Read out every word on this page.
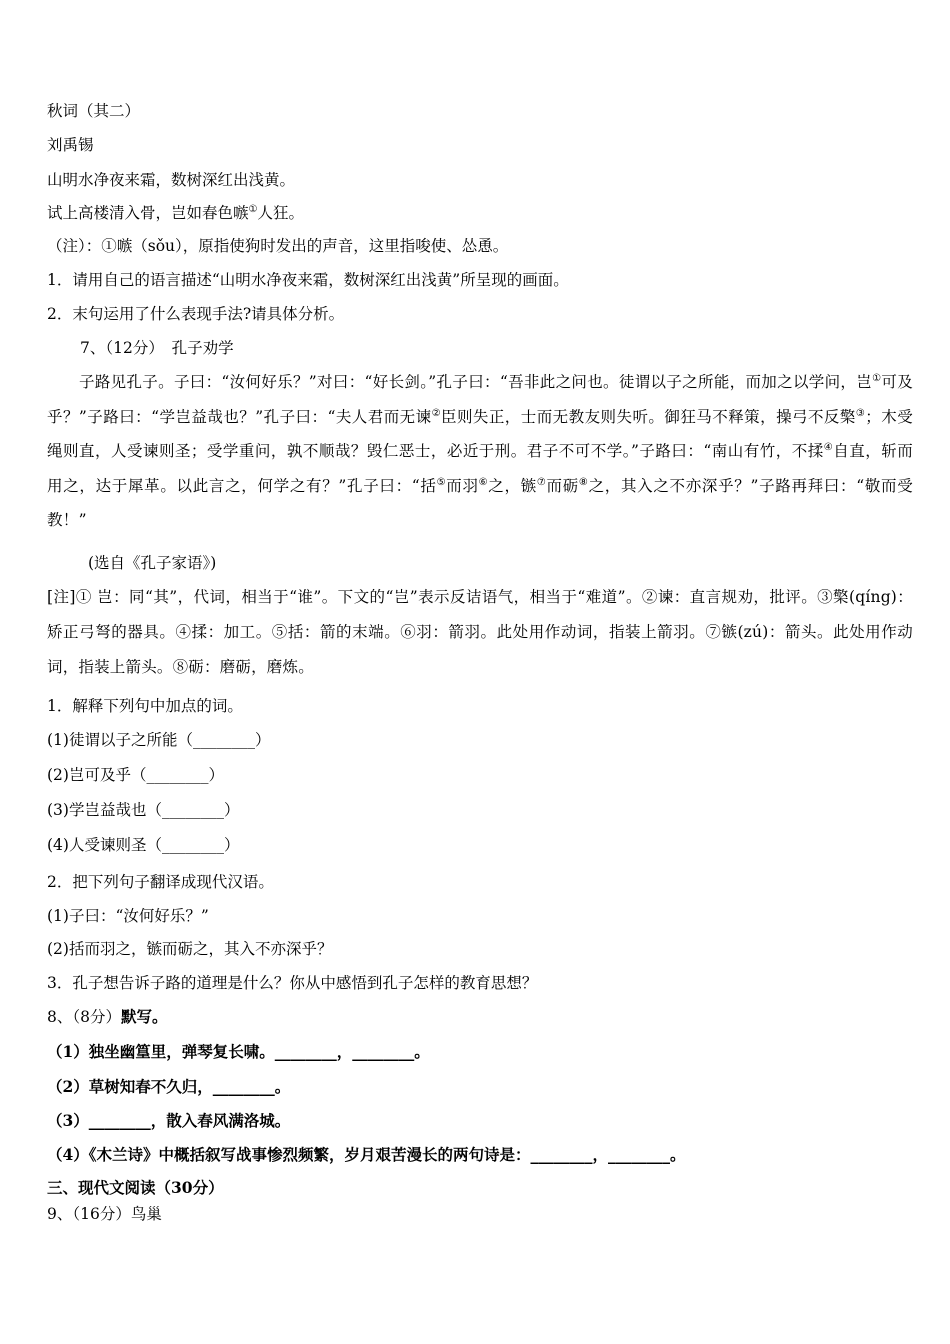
秋词（其二）
刘禹锡
山明水净夜来霜，数树深红出浅黄。
试上高楼清入骨，岂如春色嗾①人狂。
（注）：①嗾（sǒu），原指使狗时发出的声音，这里指唆使、怂恿。
1．请用自己的语言描述“山明水净夜来霜，数树深红出浅黄”所呈现的画面。
2．末句运用了什么表现手法?请具体分析。
7、（12分）　孔子劝学
子路见孔子。子曰：“汝何好乐？”对曰：“好长剑。”孔子曰：“吾非此之问也。徒谓以子之所能，而加之以学问，岂①可及乎？”子路曰：“学岂益哉也？”孔子曰：“夫人君而无谏②臣则失正，士而无教友则失听。御狂马不释策，操弓不反檠③；木受绳则直，人受谏则圣；受学重问，孰不顺哉？毁仁恶士，必近于刑。君子不可不学。”子路曰：“南山有竹，不揉④自直，斩而用之，达于犀革。以此言之，何学之有？”孔子曰：“括⑤而羽⑥之，镞⑦而砺⑧之，其入之不亦深乎？”子路再拜曰：“敬而受教！”
(选自《孔子家语》)
[注]① 岂：同“其”，代词，相当于“谁”。下文的“岂”表示反诘语气，相当于“难道”。②谏：直言规劝，批评。③檠(qíng)：矫正弓弩的器具。④揉：加工。⑤括：箭的末端。⑥羽：箭羽。此处用作动词，指装上箭羽。⑦镞(zú)：箭头。此处用作动词，指装上箭头。⑧砺：磨砺，磨炼。
1．解释下列句中加点的词。
(1)徒谓以子之所能（________）
(2)岂可及乎（________）
(3)学岂益哉也（________）
(4)人受谏则圣（________）
2．把下列句子翻译成现代汉语。
(1)子曰：“汝何好乐？”
(2)括而羽之，镞而砺之，其入不亦深乎？
3．孔子想告诉子路的道理是什么？你从中感悟到孔子怎样的教育思想？
8、（8分）默写。
（1）独坐幽篁里，弹琴复长啸。________，________。
（2）草树知春不久归，________。
（3）________，散入春风满洛城。
（4）《木兰诗》中概括叙写战事惨烈频繁，岁月艰苦漫长的两句诗是：________，________。
三、现代文阅读（30分）
9、（16分）鸟巢
